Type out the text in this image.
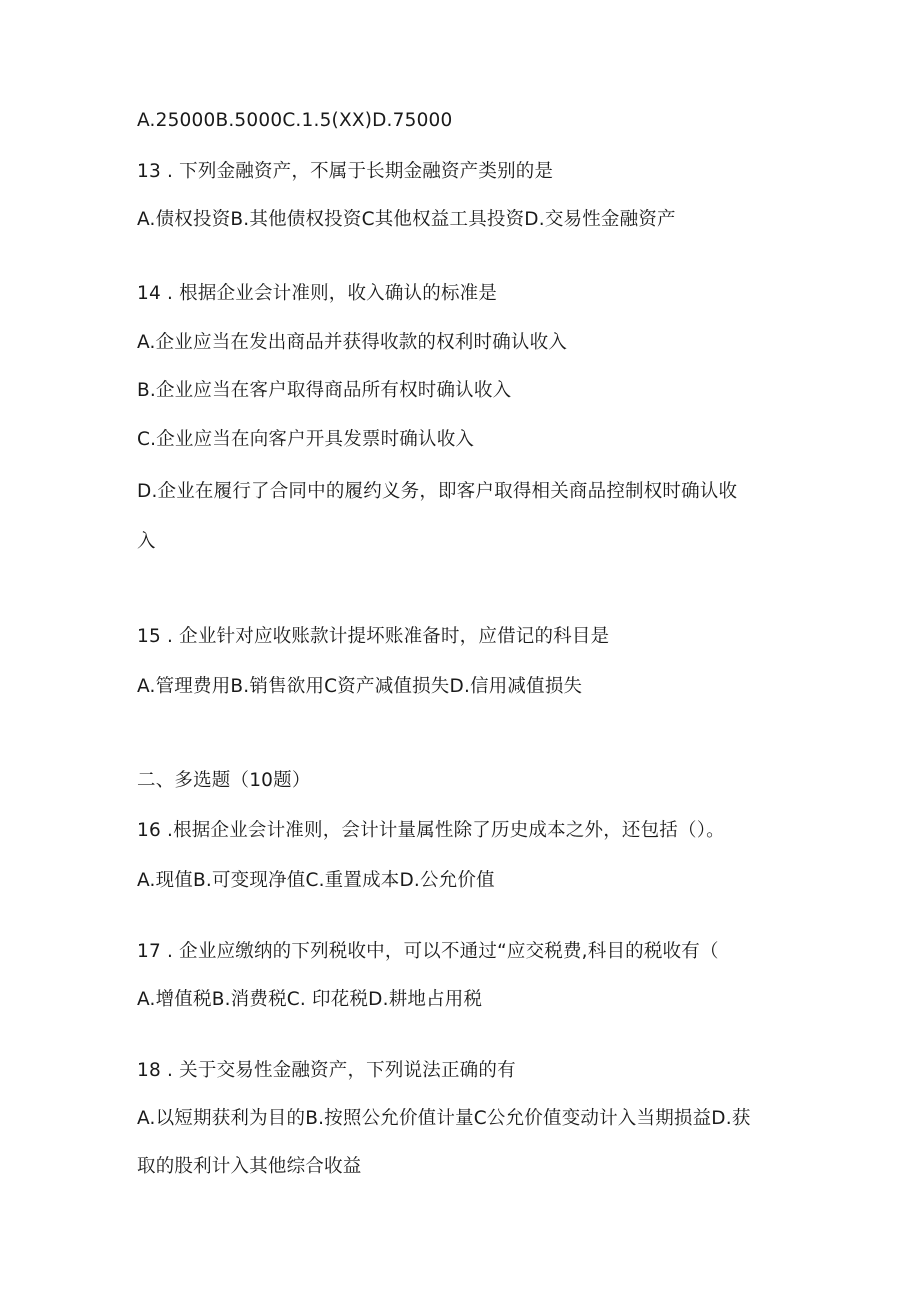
A.25000B.5000C.1.5(XX)D.75000
13 . 下列金融资产，不属于长期金融资产类别的是
A.债权投资B.其他债权投资C其他权益工具投资D.交易性金融资产
14 . 根据企业会计准则，收入确认的标准是
A.企业应当在发出商品并获得收款的权利时确认收入
B.企业应当在客户取得商品所有权时确认收入
C.企业应当在向客户开具发票时确认收入
D.企业在履行了合同中的履约义务，即客户取得相关商品控制权时确认收
入
15 . 企业针对应收账款计提坏账准备时，应借记的科目是
A.管理费用B.销售欲用C资产减值损失D.信用减值损失
二、多选题（10题）
16 .根据企业会计准则，会计计量属性除了历史成本之外，还包括（）。
A.现值B.可变现净值C.重置成本D.公允价值
17 . 企业应缴纳的下列税收中，可以不通过“应交税费,科目的税收有（
A.增值税B.消费税C. 印花税D.耕地占用税
18 . 关于交易性金融资产，下列说法正确的有
A.以短期获利为目的B.按照公允价值计量C公允价值变动计入当期损益D.获
取的股利计入其他综合收益
